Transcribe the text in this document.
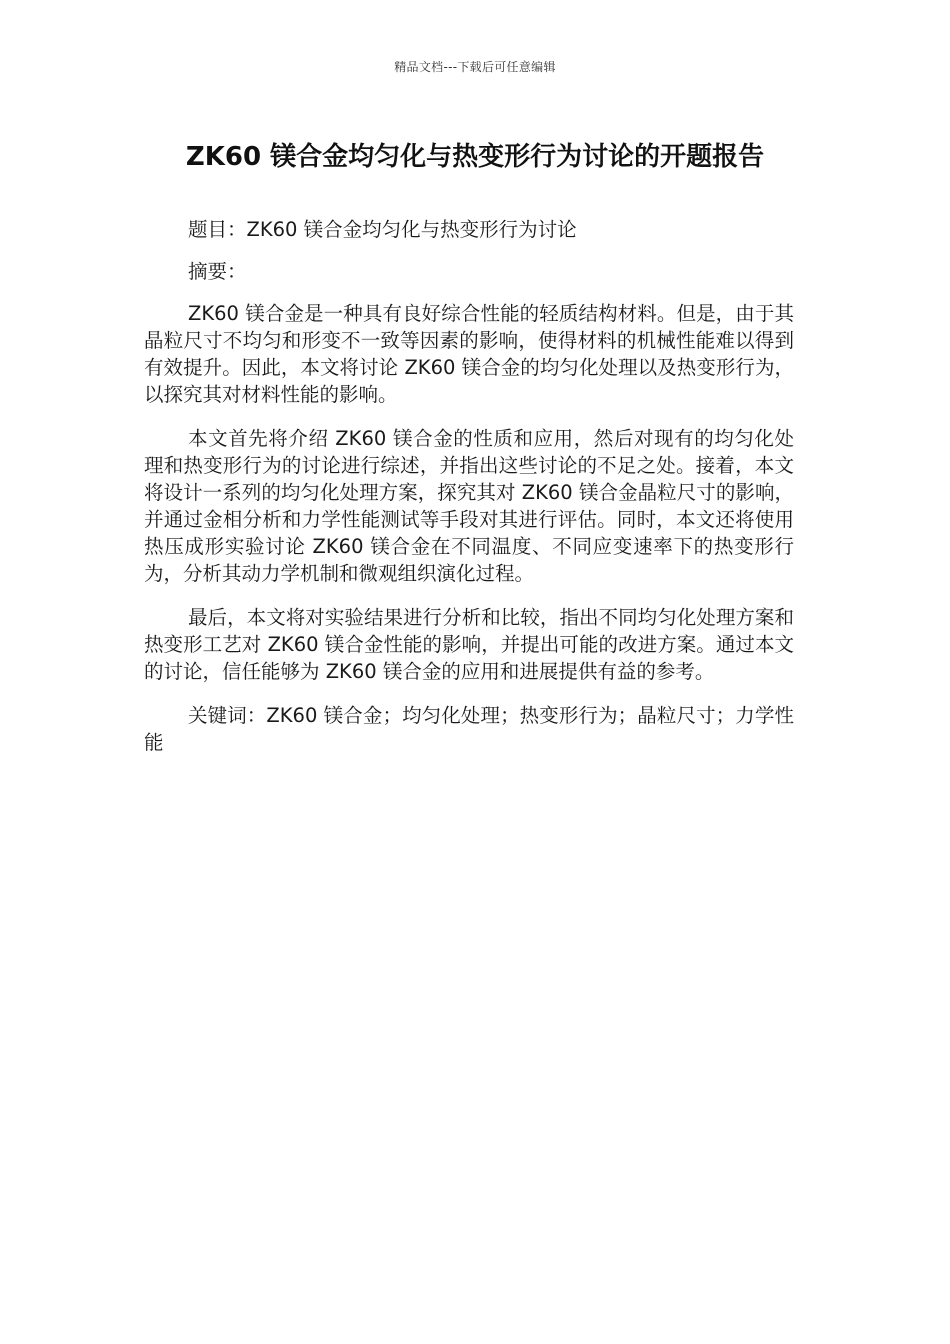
精品文档---下载后可任意编辑
ZK60 镁合金均匀化与热变形行为讨论的开题报告

题目：ZK60 镁合金均匀化与热变形行为讨论

摘要：

ZK60 镁合金是一种具有良好综合性能的轻质结构材料。但是，由于其晶粒尺寸不均匀和形变不一致等因素的影响，使得材料的机械性能难以得到有效提升。因此，本文将讨论 ZK60 镁合金的均匀化处理以及热变形行为，以探究其对材料性能的影响。

本文首先将介绍 ZK60 镁合金的性质和应用，然后对现有的均匀化处理和热变形行为的讨论进行综述，并指出这些讨论的不足之处。接着，本文将设计一系列的均匀化处理方案，探究其对 ZK60 镁合金晶粒尺寸的影响，并通过金相分析和力学性能测试等手段对其进行评估。同时，本文还将使用热压成形实验讨论 ZK60 镁合金在不同温度、不同应变速率下的热变形行为，分析其动力学机制和微观组织演化过程。

最后，本文将对实验结果进行分析和比较，指出不同均匀化处理方案和热变形工艺对 ZK60 镁合金性能的影响，并提出可能的改进方案。通过本文的讨论，信任能够为 ZK60 镁合金的应用和进展提供有益的参考。

关键词：ZK60 镁合金；均匀化处理；热变形行为；晶粒尺寸；力学性能
